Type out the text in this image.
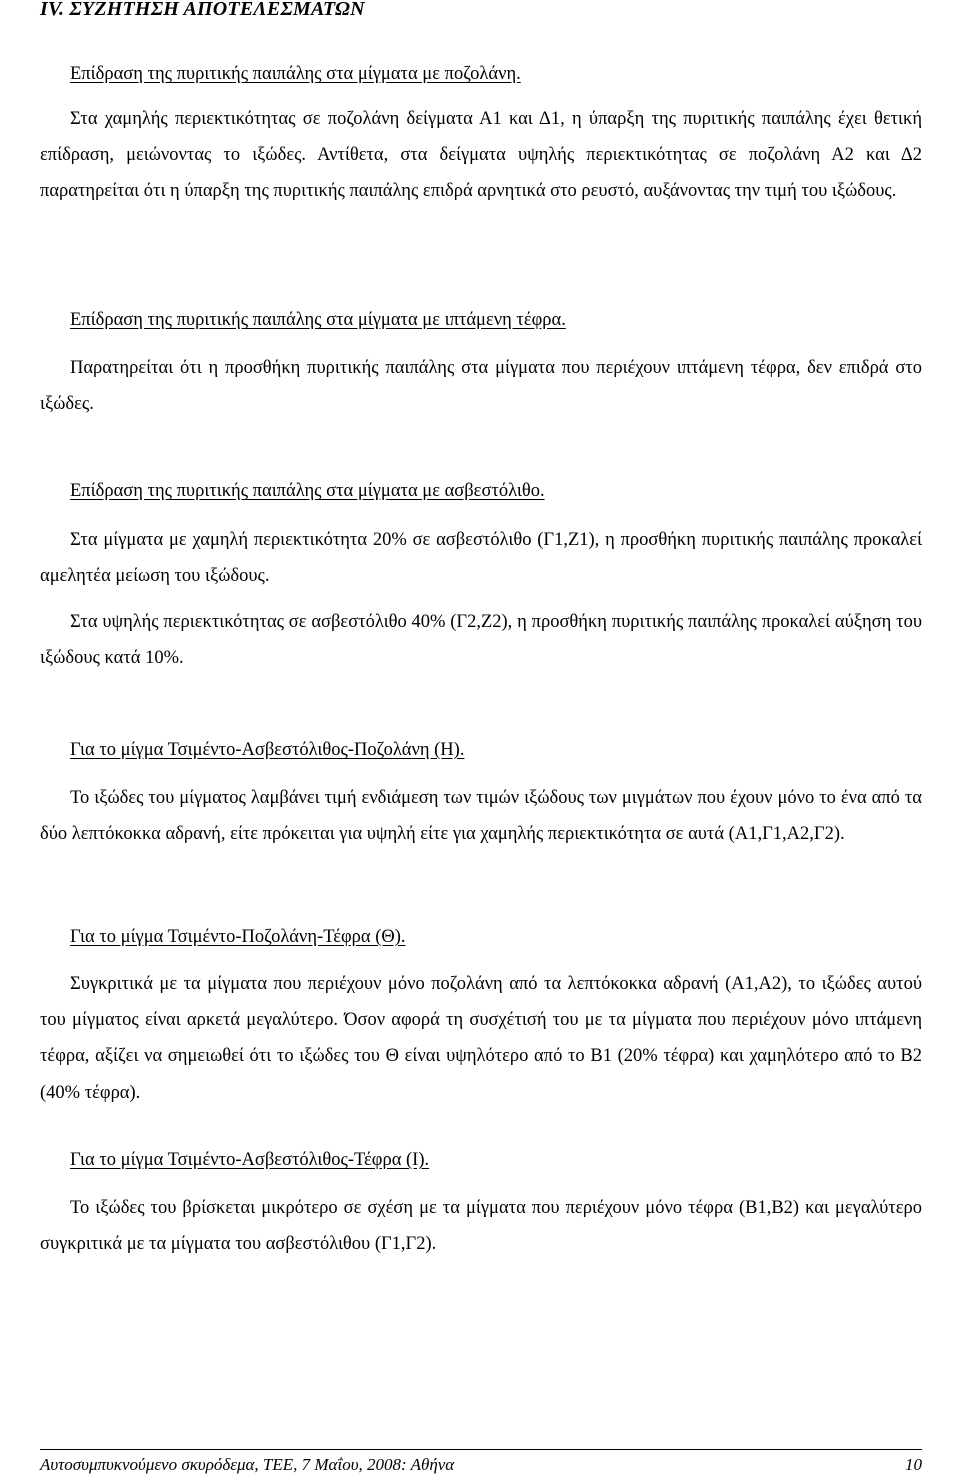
IV. ΣΥΖΗΤΗΣΗ ΑΠΟΤΕΛΕΣΜΑΤΩΝ
Επίδραση της πυριτικής παιπάλης στα μίγματα με ποζολάνη.
Στα χαμηλής περιεκτικότητας σε ποζολάνη δείγματα Α1 και Δ1, η ύπαρξη της πυριτικής παιπάλης έχει θετική επίδραση, μειώνοντας το ιξώδες. Αντίθετα, στα δείγματα υψηλής περιεκτικότητας σε ποζολάνη Α2 και Δ2 παρατηρείται ότι η ύπαρξη της πυριτικής παιπάλης επιδρά αρνητικά στο ρευστό, αυξάνοντας την τιμή του ιξώδους.
Επίδραση της πυριτικής παιπάλης στα μίγματα με ιπτάμενη τέφρα.
Παρατηρείται ότι η προσθήκη πυριτικής παιπάλης στα μίγματα που περιέχουν ιπτάμενη τέφρα, δεν επιδρά στο ιξώδες.
Επίδραση της πυριτικής παιπάλης στα μίγματα με ασβεστόλιθο.
Στα μίγματα με χαμηλή περιεκτικότητα 20% σε ασβεστόλιθο (Γ1,Ζ1), η προσθήκη πυριτικής παιπάλης προκαλεί αμελητέα μείωση του ιξώδους.
Στα υψηλής περιεκτικότητας σε ασβεστόλιθο 40% (Γ2,Ζ2), η προσθήκη πυριτικής παιπάλης προκαλεί αύξηση του ιξώδους κατά 10%.
Για το μίγμα Τσιμέντο-Ασβεστόλιθος-Ποζολάνη (Η).
Το ιξώδες του μίγματος λαμβάνει τιμή ενδιάμεση των τιμών ιξώδους των μιγμάτων που έχουν μόνο το ένα από τα δύο λεπτόκοκκα αδρανή, είτε πρόκειται για υψηλή είτε για χαμηλής περιεκτικότητα σε αυτά (Α1,Γ1,Α2,Γ2).
Για το μίγμα Τσιμέντο-Ποζολάνη-Τέφρα (Θ).
Συγκριτικά με τα μίγματα που περιέχουν μόνο ποζολάνη από τα λεπτόκοκκα αδρανή (Α1,Α2), το ιξώδες αυτού του μίγματος είναι αρκετά μεγαλύτερο. Όσον αφορά τη συσχέτισή του με τα μίγματα που περιέχουν μόνο ιπτάμενη τέφρα, αξίζει να σημειωθεί ότι το ιξώδες του Θ είναι υψηλότερο από το Β1 (20% τέφρα) και χαμηλότερο από το Β2 (40% τέφρα).
Για το μίγμα Τσιμέντο-Ασβεστόλιθος-Τέφρα (Ι).
Το ιξώδες του βρίσκεται μικρότερο σε σχέση με τα μίγματα που περιέχουν μόνο τέφρα (Β1,Β2) και μεγαλύτερο συγκριτικά με τα μίγματα του ασβεστόλιθου (Γ1,Γ2).
Αυτοσυμπυκνούμενο σκυρόδεμα, ΤΕΕ, 7 Μαΐου, 2008: Αθήνα	10
